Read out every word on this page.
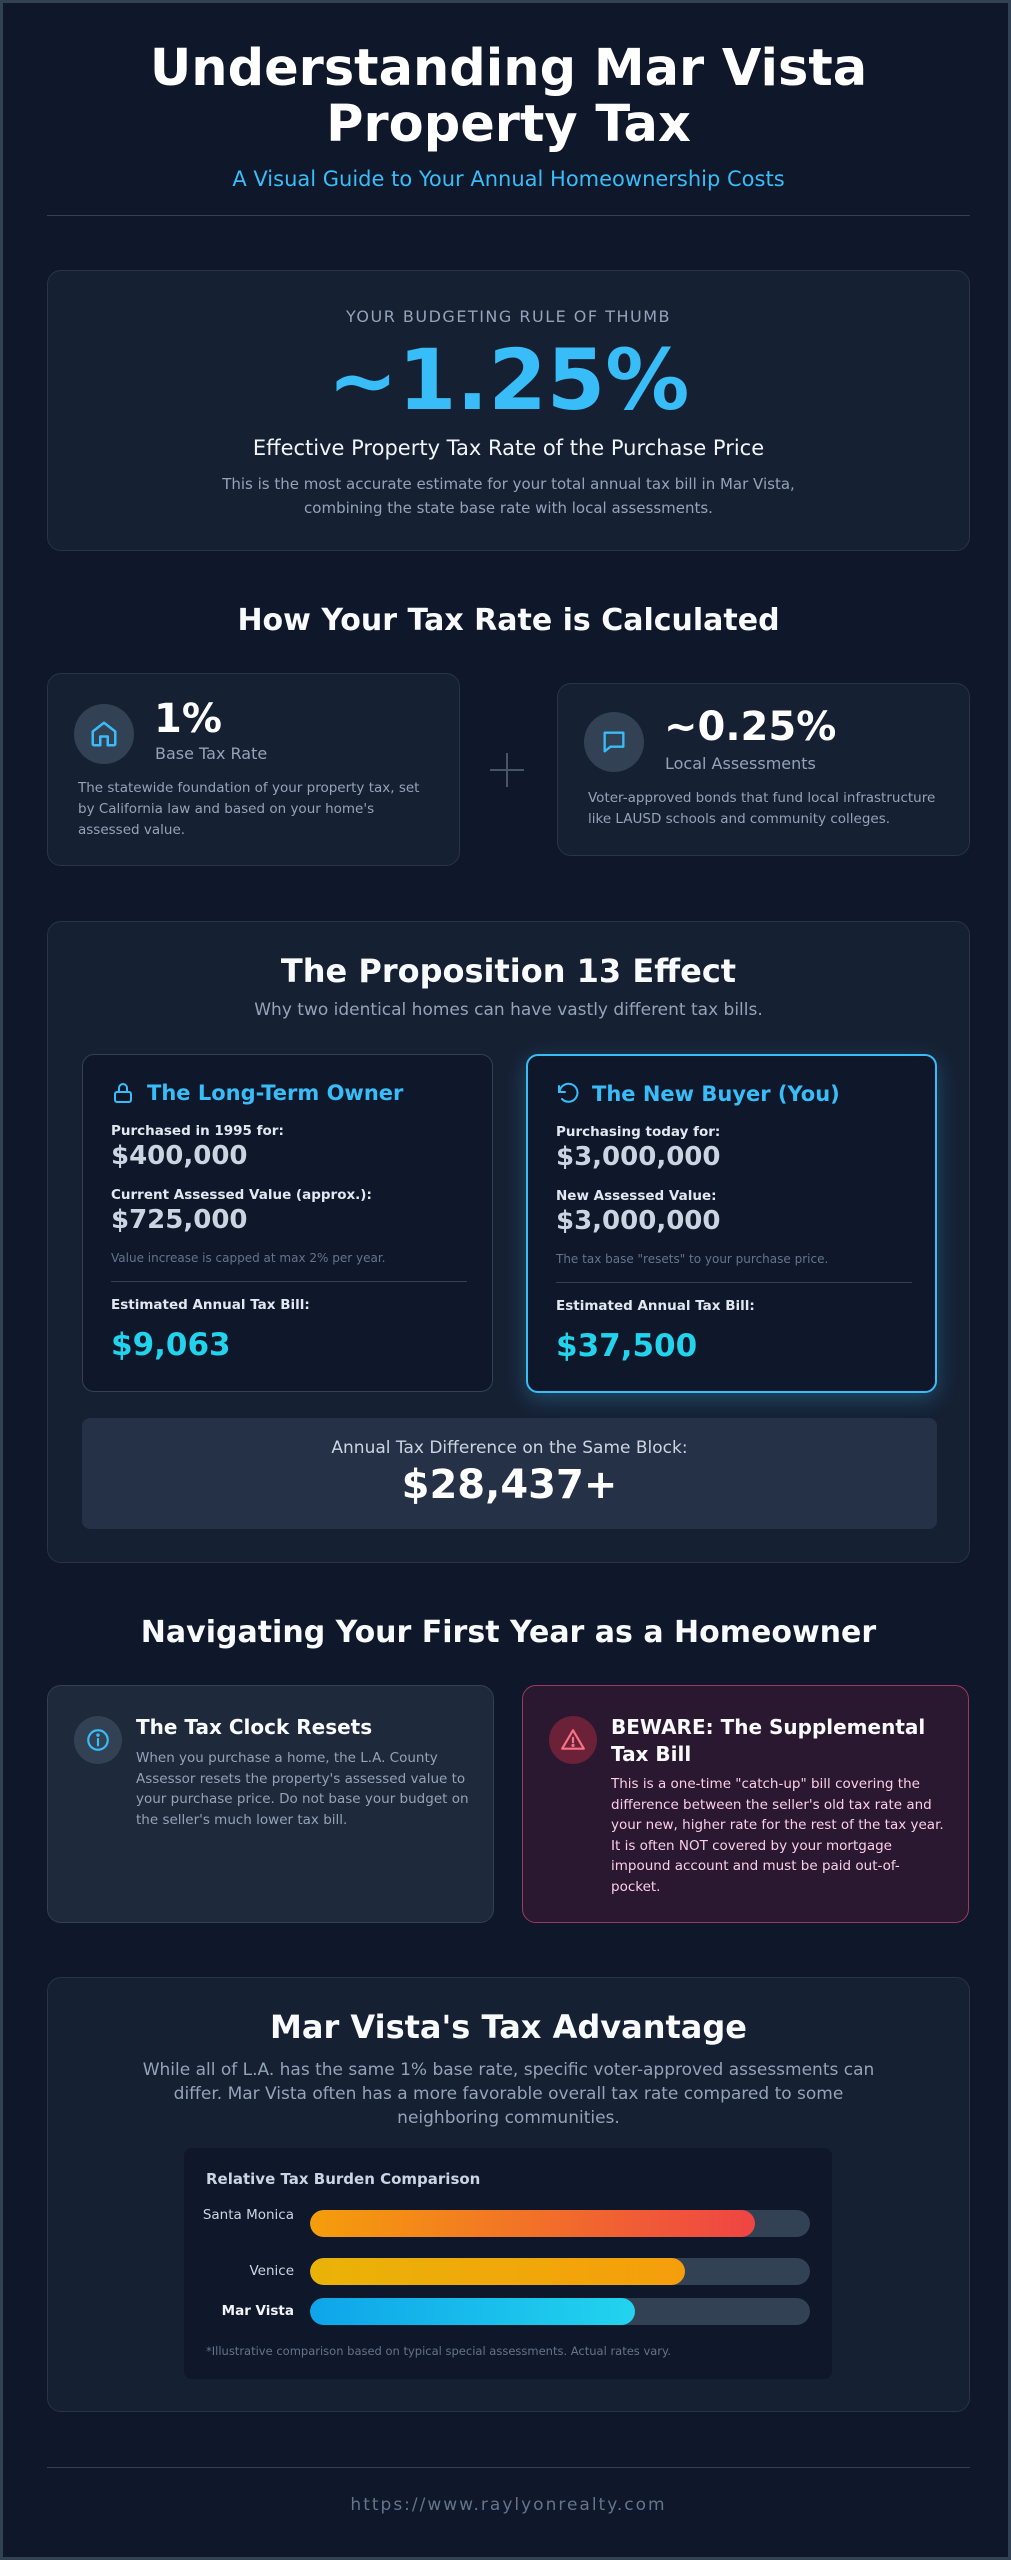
Understanding Mar Vista
Property Tax
A Visual Guide to Your Annual Homeownership Costs
YOUR BUDGETING RULE OF THUMB
~1.25%
Effective Property Tax Rate of the Purchase Price
This is the most accurate estimate for your total annual tax bill in Mar Vista, combining the state base rate with local assessments.
How Your Tax Rate is Calculated
1%
Base Tax Rate
The statewide foundation of your property tax, set by California law and based on your home's assessed value.
~0.25%
Local Assessments
Voter-approved bonds that fund local infrastructure like LAUSD schools and community colleges.
The Proposition 13 Effect
Why two identical homes can have vastly different tax bills.
The Long-Term Owner
Purchased in 1995 for:
$400,000
Current Assessed Value (approx.):
$725,000
Value increase is capped at max 2% per year.
Estimated Annual Tax Bill:
$9,063
The New Buyer (You)
Purchasing today for:
$3,000,000
New Assessed Value:
$3,000,000
The tax base "resets" to your purchase price.
Estimated Annual Tax Bill:
$37,500
Annual Tax Difference on the Same Block:
$28,437+
Navigating Your First Year as a Homeowner
The Tax Clock Resets
When you purchase a home, the L.A. County Assessor resets the property's assessed value to your purchase price. Do not base your budget on the seller's much lower tax bill.
BEWARE: The Supplemental Tax Bill
This is a one-time "catch-up" bill covering the difference between the seller's old tax rate and your new, higher rate for the rest of the tax year. It is often NOT covered by your mortgage impound account and must be paid out-of-pocket.
Mar Vista's Tax Advantage
While all of L.A. has the same 1% base rate, specific voter-approved assessments can differ. Mar Vista often has a more favorable overall tax rate compared to some neighboring communities.
Relative Tax Burden Comparison
*Illustrative comparison based on typical special assessments. Actual rates vary.
Santa Monica
Venice
Mar Vista
https://www.raylyonrealty.com
